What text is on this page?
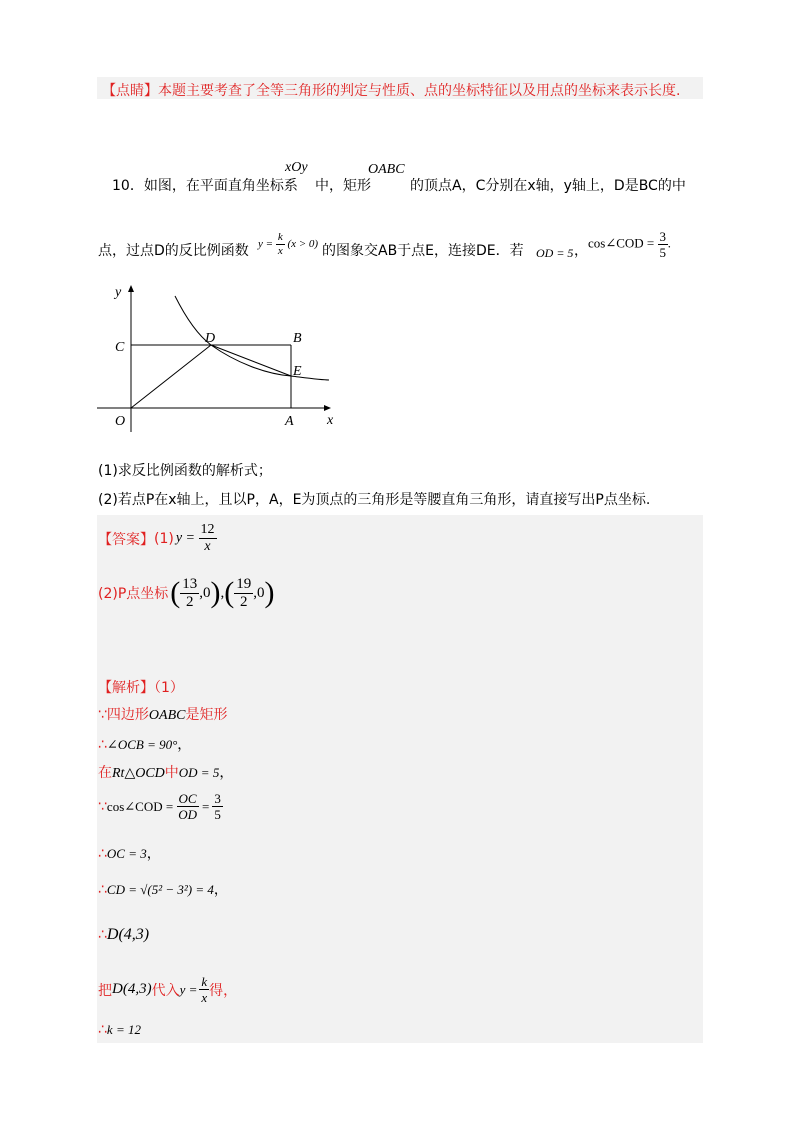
【点睛】本题主要考查了全等三角形的判定与性质、点的坐标特征以及用点的坐标来表示长度.
10．如图，在平面直角坐标系
xOy
中，矩形
OABC
的顶点A，C分别在x轴，y轴上，D是BC的中
点，过点D的反比例函数 $y = \frac{k}{x} (x > 0)$ 的图象交AB于点E，连接DE．若 OD = 5 ，
cos∠COD = $\frac{3}{5}$ .
y
x
C
D	B
E
O	A
(1)求反比例函数的解析式；
(2)若点P在x轴上，且以P，A，E为顶点的三角形是等腰直角三角形，请直接写出P点坐标.
【答案】 (1) $y = \frac{12}{x}$
(2)P点坐标 ( $\frac{13}{2} ,0$ ) , ( $\frac{19}{2} ,0$ )
【解析】（1）
∵四边形OABC是矩形
∴∠OCB = 90°，
在Rt△OCD中OD = 5，
∵ cos∠COD = $\frac{OC}{OD} = \frac{3}{5}$
∴OC = 3，
∴CD = √(5² − 3²) = 4，
∴D(4,3)
把 D(4,3) 代入 $y = \frac{k}{x}$ 得，
∴k = 12
